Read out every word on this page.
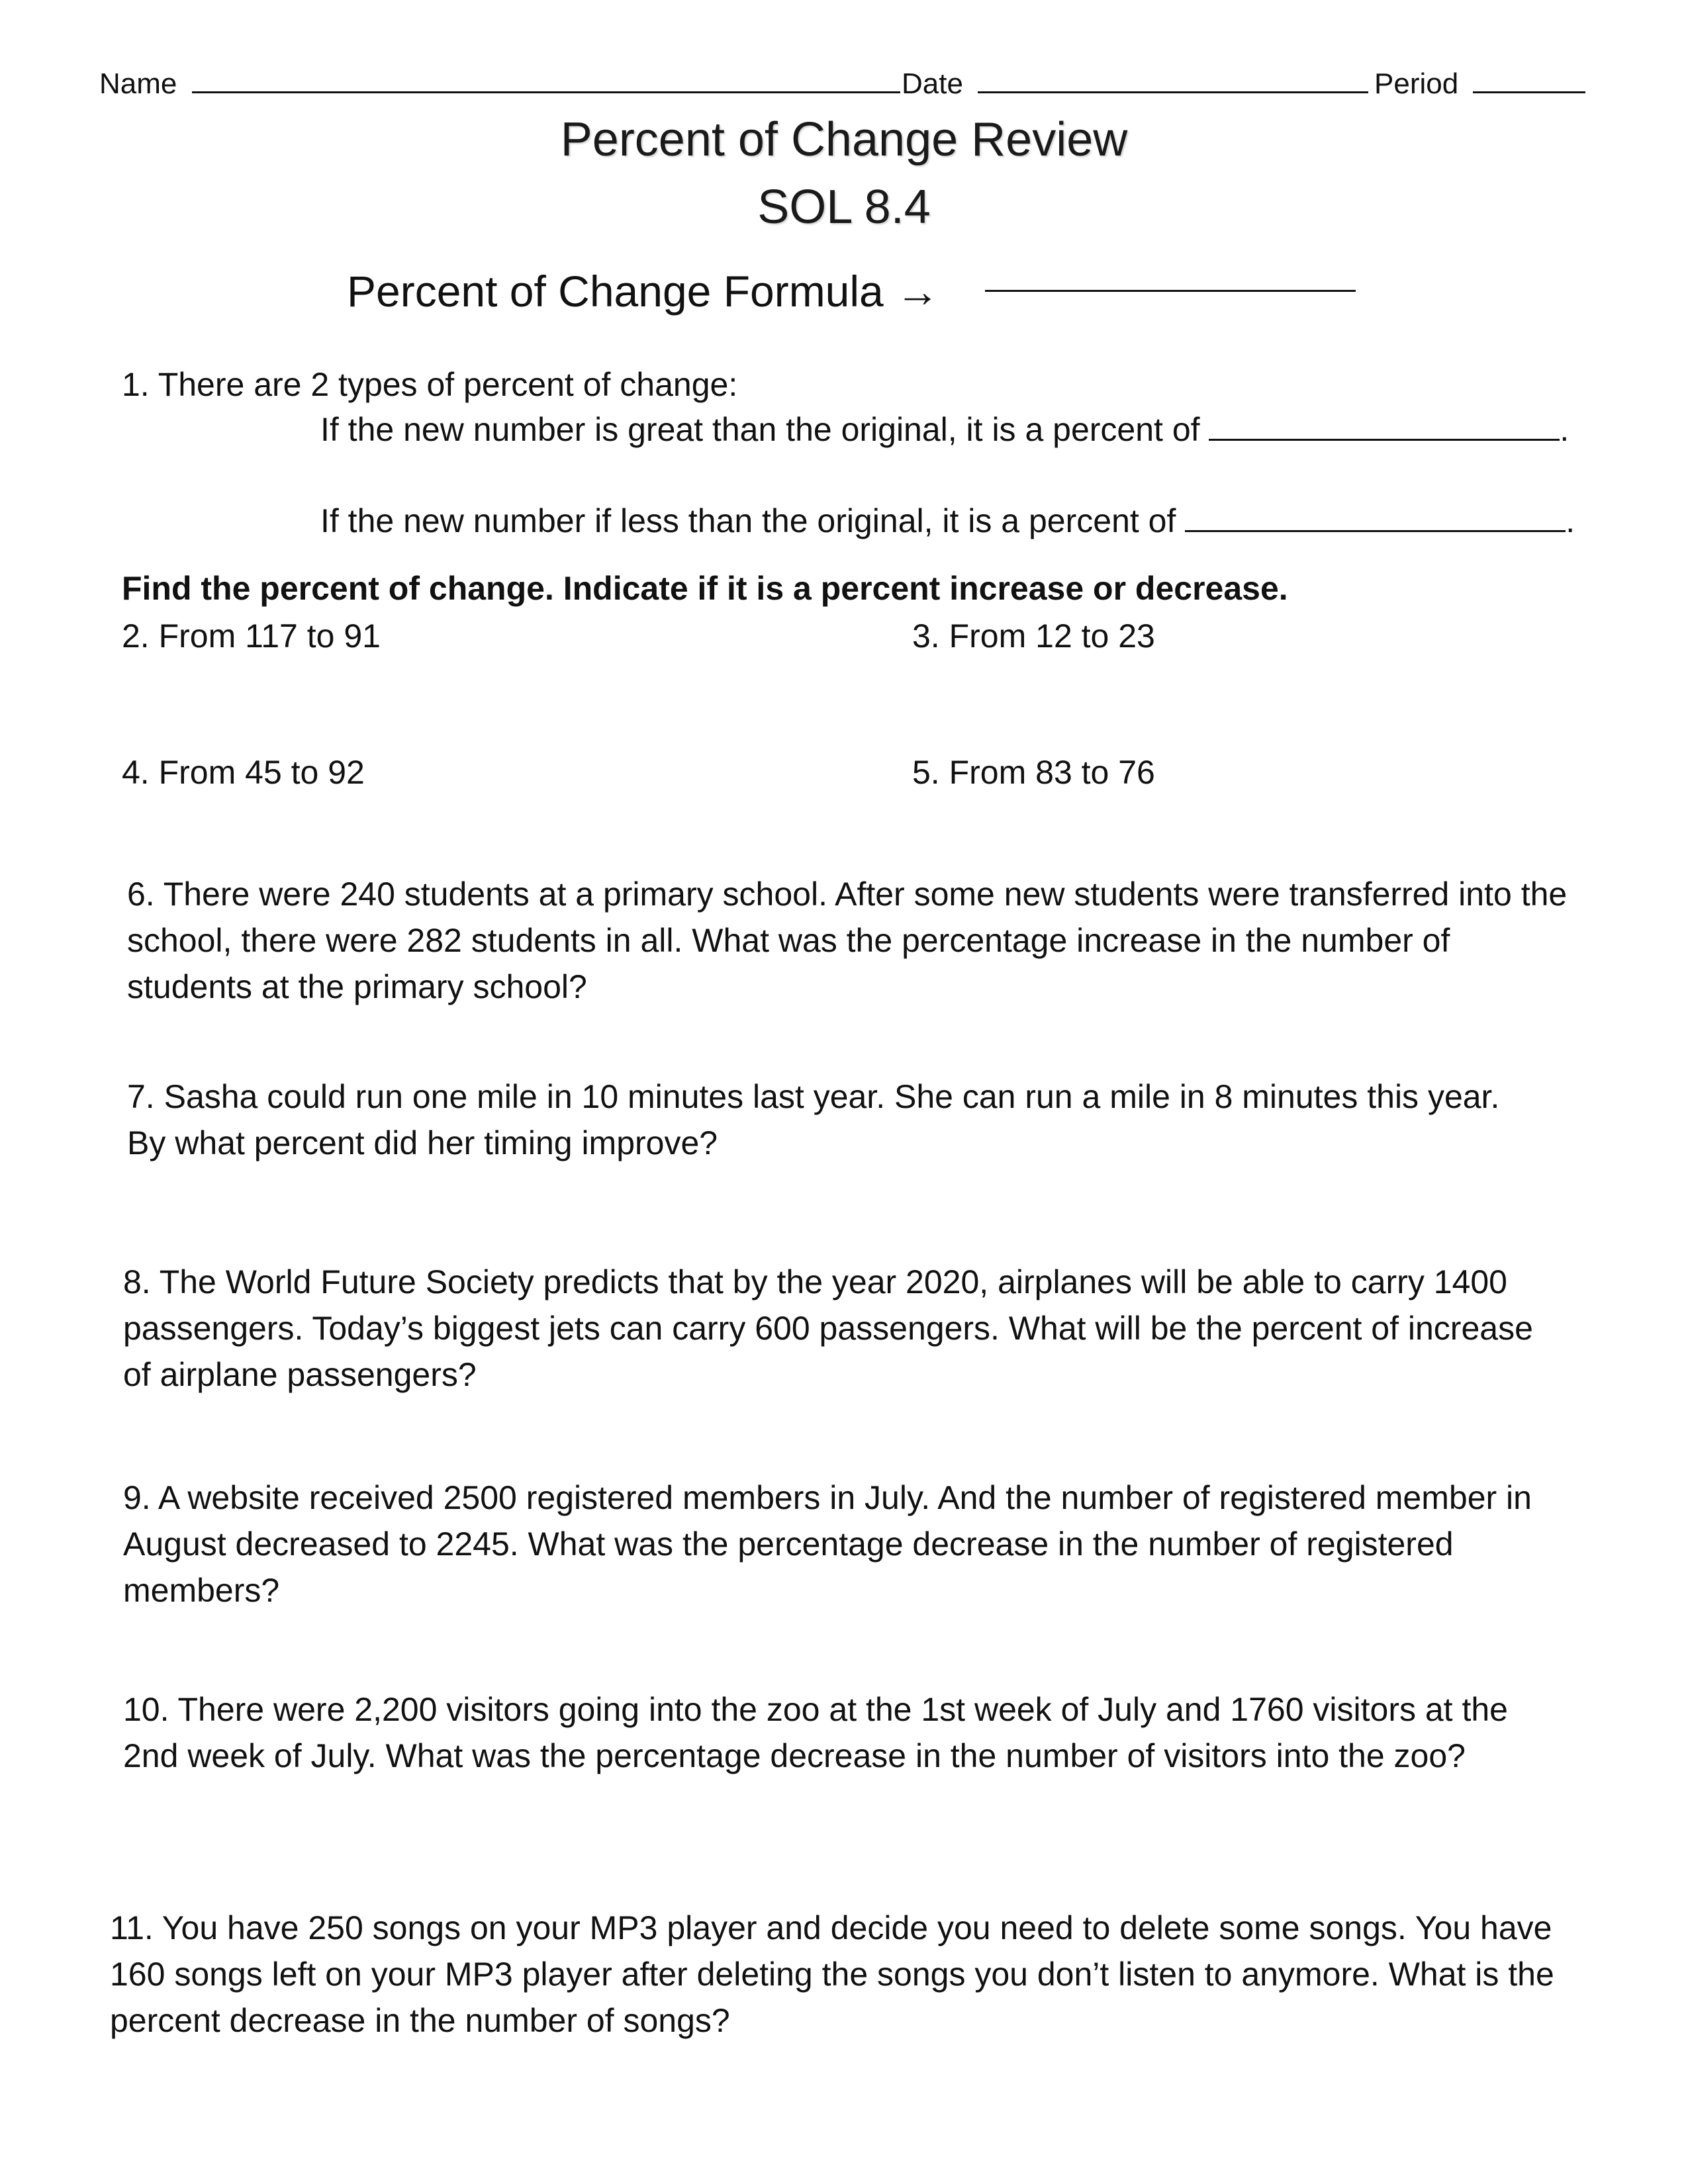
Name	Date	Period
Percent of Change Review
SOL 8.4
Percent of Change Formula →
1. There are 2 types of percent of change:
If the new number is great than the original, it is a percent of	.
If the new number if less than the original, it is a percent of	.
Find the percent of change. Indicate if it is a percent increase or decrease.
2. From 117 to 91	3. From 12 to 23
4. From 45 to 92	5. From 83 to 76
6. There were 240 students at a primary school. After some new students were transferred into the school, there were 282 students in all. What was the percentage increase in the number of students at the primary school?
7. Sasha could run one mile in 10 minutes last year. She can run a mile in 8 minutes this year. By what percent did her timing improve?
8. The World Future Society predicts that by the year 2020, airplanes will be able to carry 1400 passengers. Today’s biggest jets can carry 600 passengers. What will be the percent of increase of airplane passengers?
9. A website received 2500 registered members in July. And the number of registered member in August decreased to 2245. What was the percentage decrease in the number of registered members?
10. There were 2,200 visitors going into the zoo at the 1st week of July and 1760 visitors at the 2nd week of July. What was the percentage decrease in the number of visitors into the zoo?
11. You have 250 songs on your MP3 player and decide you need to delete some songs. You have 160 songs left on your MP3 player after deleting the songs you don’t listen to anymore. What is the percent decrease in the number of songs?
